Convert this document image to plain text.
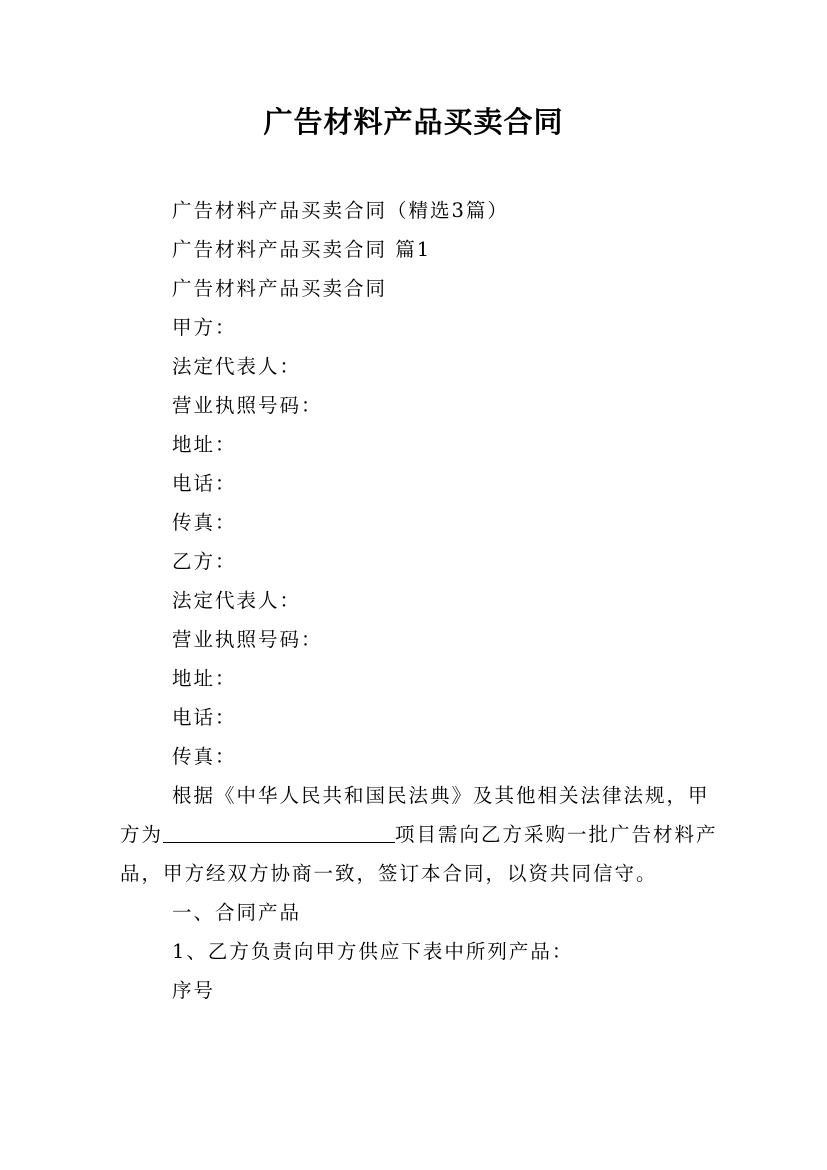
广告材料产品买卖合同
广告材料产品买卖合同（精选3篇）
广告材料产品买卖合同 篇1
广告材料产品买卖合同
甲方：
法定代表人：
营业执照号码：
地址：
电话：
传真：
乙方：
法定代表人：
营业执照号码：
地址：
电话：
传真：
根据《中华人民共和国民法典》及其他相关法律法规，甲方为	项目需向乙方采购一批广告材料产品，甲方经双方协商一致，签订本合同，以资共同信守。
一、合同产品
1、乙方负责向甲方供应下表中所列产品：
序号
